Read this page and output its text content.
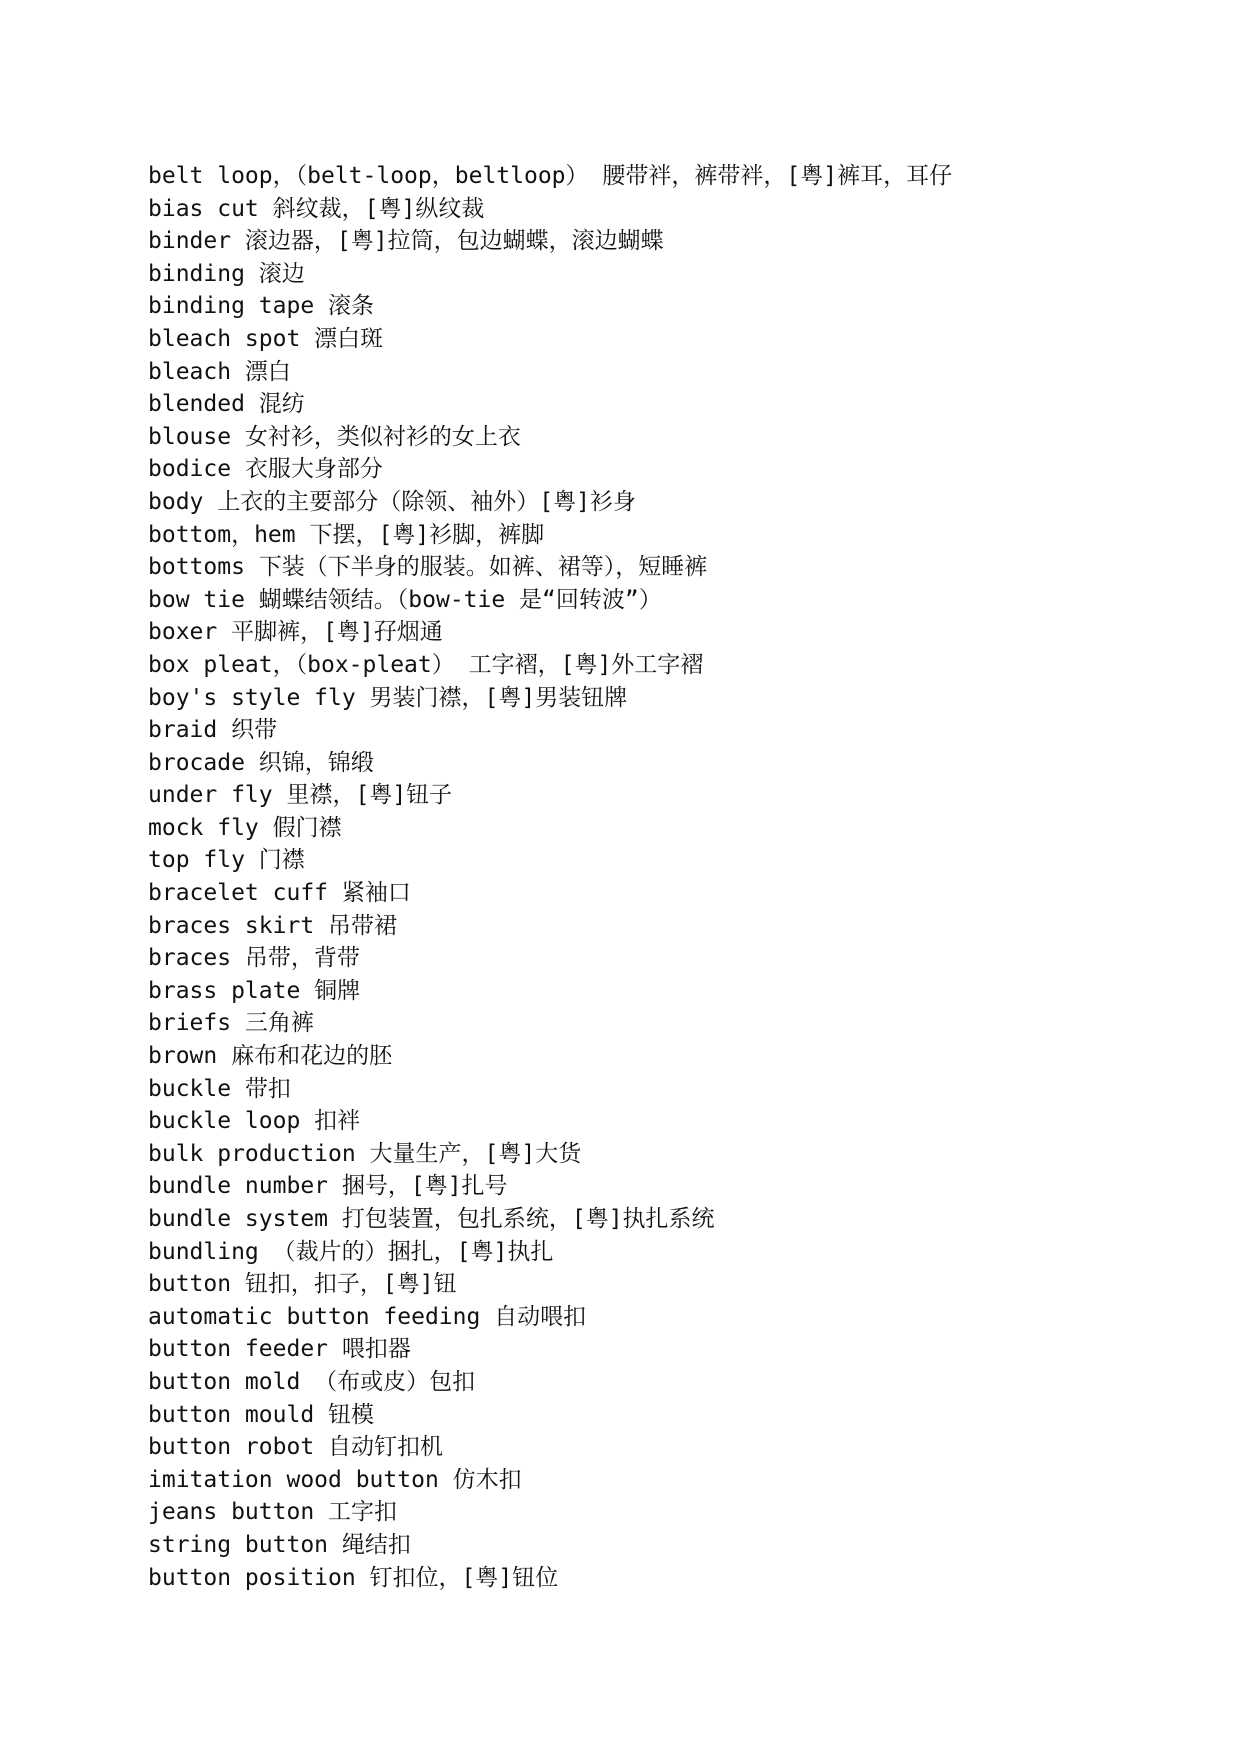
belt loop，（belt-loop，beltloop） 腰带袢，裤带袢，[粤]裤耳，耳仔
bias cut 斜纹裁，[粤]纵纹裁
binder 滚边器，[粤]拉筒，包边蝴蝶，滚边蝴蝶
binding 滚边
binding tape 滚条
bleach spot 漂白斑
bleach 漂白
blended 混纺
blouse 女衬衫，类似衬衫的女上衣
bodice 衣服大身部分
body 上衣的主要部分（除领、袖外）[粤]衫身
bottom，hem 下摆，[粤]衫脚，裤脚
bottoms 下装（下半身的服装。如裤、裙等），短睡裤
bow tie 蝴蝶结领结。（bow-tie 是“回转波”）
boxer 平脚裤，[粤]孖烟通
box pleat，（box-pleat） 工字褶，[粤]外工字褶
boy's style fly 男装门襟，[粤]男装钮牌
braid 织带
brocade 织锦，锦缎
under fly 里襟，[粤]钮子
mock fly 假门襟
top fly 门襟
bracelet cuff 紧袖口
braces skirt 吊带裙
braces 吊带，背带
brass plate 铜牌
briefs 三角裤
brown 麻布和花边的胚
buckle 带扣
buckle loop 扣袢
bulk production 大量生产，[粤]大货
bundle number 捆号，[粤]扎号
bundle system 打包装置，包扎系统，[粤]执扎系统
bundling （裁片的）捆扎，[粤]执扎
button 钮扣，扣子，[粤]钮
automatic button feeding 自动喂扣
button feeder 喂扣器
button mold （布或皮）包扣
button mould 钮模
button robot 自动钉扣机
imitation wood button 仿木扣
jeans button 工字扣
string button 绳结扣
button position 钉扣位，[粤]钮位
